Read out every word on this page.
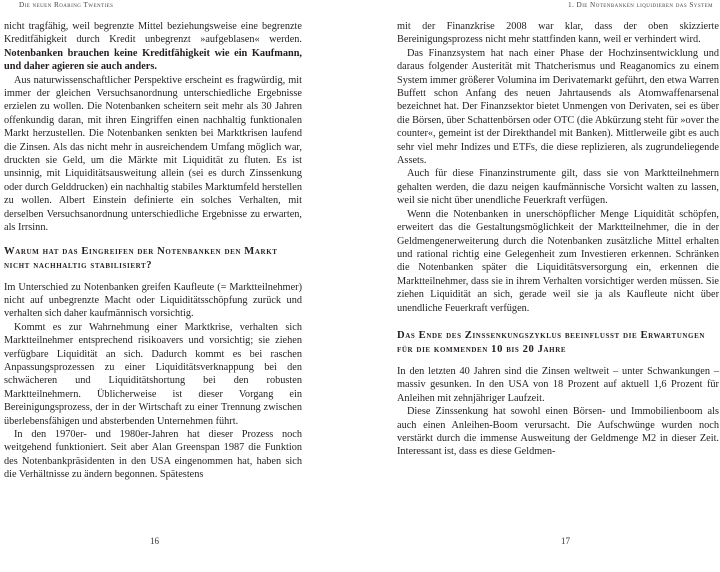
Die neuen Roaring Twenties

nicht tragfähig, weil begrenzte Mittel beziehungsweise eine begrenzte Kreditfähigkeit durch Kredit unbegrenzt »aufgeblasen« werden. Notenbanken brauchen keine Kreditfähigkeit wie ein Kaufmann, und daher agieren sie auch anders.

Aus naturwissenschaftlicher Perspektive erscheint es fragwürdig, mit immer der gleichen Versuchsanordnung unterschiedliche Ergebnisse erzielen zu wollen. Die Notenbanken scheitern seit mehr als 30 Jahren offenkundig daran, mit ihren Eingriffen einen nachhaltig funktionalen Markt herzustellen. Die Notenbanken senkten bei Marktkrisen laufend die Zinsen. Als das nicht mehr in ausreichendem Umfang möglich war, druckten sie Geld, um die Märkte mit Liquidität zu fluten. Es ist unsinnig, mit Liquiditätsausweitung allein (sei es durch Zinssenkung oder durch Gelddrucken) ein nachhaltig stabiles Marktumfeld herstellen zu wollen. Albert Einstein definierte ein solches Verhalten, mit derselben Versuchsanordnung unterschiedliche Ergebnisse zu erwarten, als Irrsinn.

Warum hat das Eingreifen der Notenbanken den Markt nicht nachhaltig stabilisiert?

Im Unterschied zu Notenbanken greifen Kaufleute (= Marktteilnehmer) nicht auf unbegrenzte Macht oder Liquiditätsschöpfung zurück und verhalten sich daher kaufmännisch vorsichtig.

Kommt es zur Wahrnehmung einer Marktkrise, verhalten sich Marktteilnehmer entsprechend risikoavers und vorsichtig; sie ziehen verfügbare Liquidität an sich. Dadurch kommt es bei raschen Anpassungsprozessen zu einer Liquiditätsverknappung bei den schwächeren und Liquiditätshortung bei den robusten Marktteilnehmern. Üblicherweise ist dieser Vorgang ein Bereinigungsprozess, der in der Wirtschaft zu einer Trennung zwischen überlebensfähigen und absterbenden Unternehmen führt.

In den 1970er- und 1980er-Jahren hat dieser Prozess noch weitgehend funktioniert. Seit aber Alan Greenspan 1987 die Funktion des Notenbankpräsidenten in den USA eingenommen hat, haben sich die Verhältnisse zu ändern begonnen. Spätestens

16
1. Die Notenbanken liquidieren das System

mit der Finanzkrise 2008 war klar, dass der oben skizzierte Bereinigungsprozess nicht mehr stattfinden kann, weil er verhindert wird.

Das Finanzsystem hat nach einer Phase der Hochzinsentwicklung und daraus folgender Austerität mit Thatcherismus und Reaganomics zu einem System immer größerer Volumina im Derivatemarkt geführt, den etwa Warren Buffett schon Anfang des neuen Jahrtausends als Atomwaffenarsenal bezeichnet hat. Der Finanzsektor bietet Unmengen von Derivaten, sei es über die Börsen, über Schattenbörsen oder OTC (die Abkürzung steht für »over the counter«, gemeint ist der Direkthandel mit Banken). Mittlerweile gibt es auch sehr viel mehr Indizes und ETFs, die diese replizieren, als zugrundeliegende Assets.

Auch für diese Finanzinstrumente gilt, dass sie von Marktteilnehmern gehalten werden, die dazu neigen kaufmännische Vorsicht walten zu lassen, weil sie nicht über unendliche Feuerkraft verfügen.

Wenn die Notenbanken in unerschöpflicher Menge Liquidität schöpfen, erweitert das die Gestaltungsmöglichkeit der Marktteilnehmer, die in der Geldmengenerweiterung durch die Notenbanken zusätzliche Mittel erhalten und rational richtig eine Gelegenheit zum Investieren erkennen. Schränken die Notenbanken später die Liquiditätsversorgung ein, erkennen die Marktteilnehmer, dass sie in ihrem Verhalten vorsichtiger werden müssen. Sie ziehen Liquidität an sich, gerade weil sie ja als Kaufleute nicht über unendliche Feuerkraft verfügen.

Das Ende des Zinssenkungszyklus beeinflusst die Erwartungen für die kommenden 10 bis 20 Jahre

In den letzten 40 Jahren sind die Zinsen weltweit – unter Schwankungen – massiv gesunken. In den USA von 18 Prozent auf aktuell 1,6 Prozent für Anleihen mit zehnjähriger Laufzeit.

Diese Zinssenkung hat sowohl einen Börsen- und Immobilienboom als auch einen Anleihen-Boom verursacht. Die Aufschwünge wurden noch verstärkt durch die immense Ausweitung der Geldmenge M2 in dieser Zeit. Interessant ist, dass es diese Geldmen-

17
